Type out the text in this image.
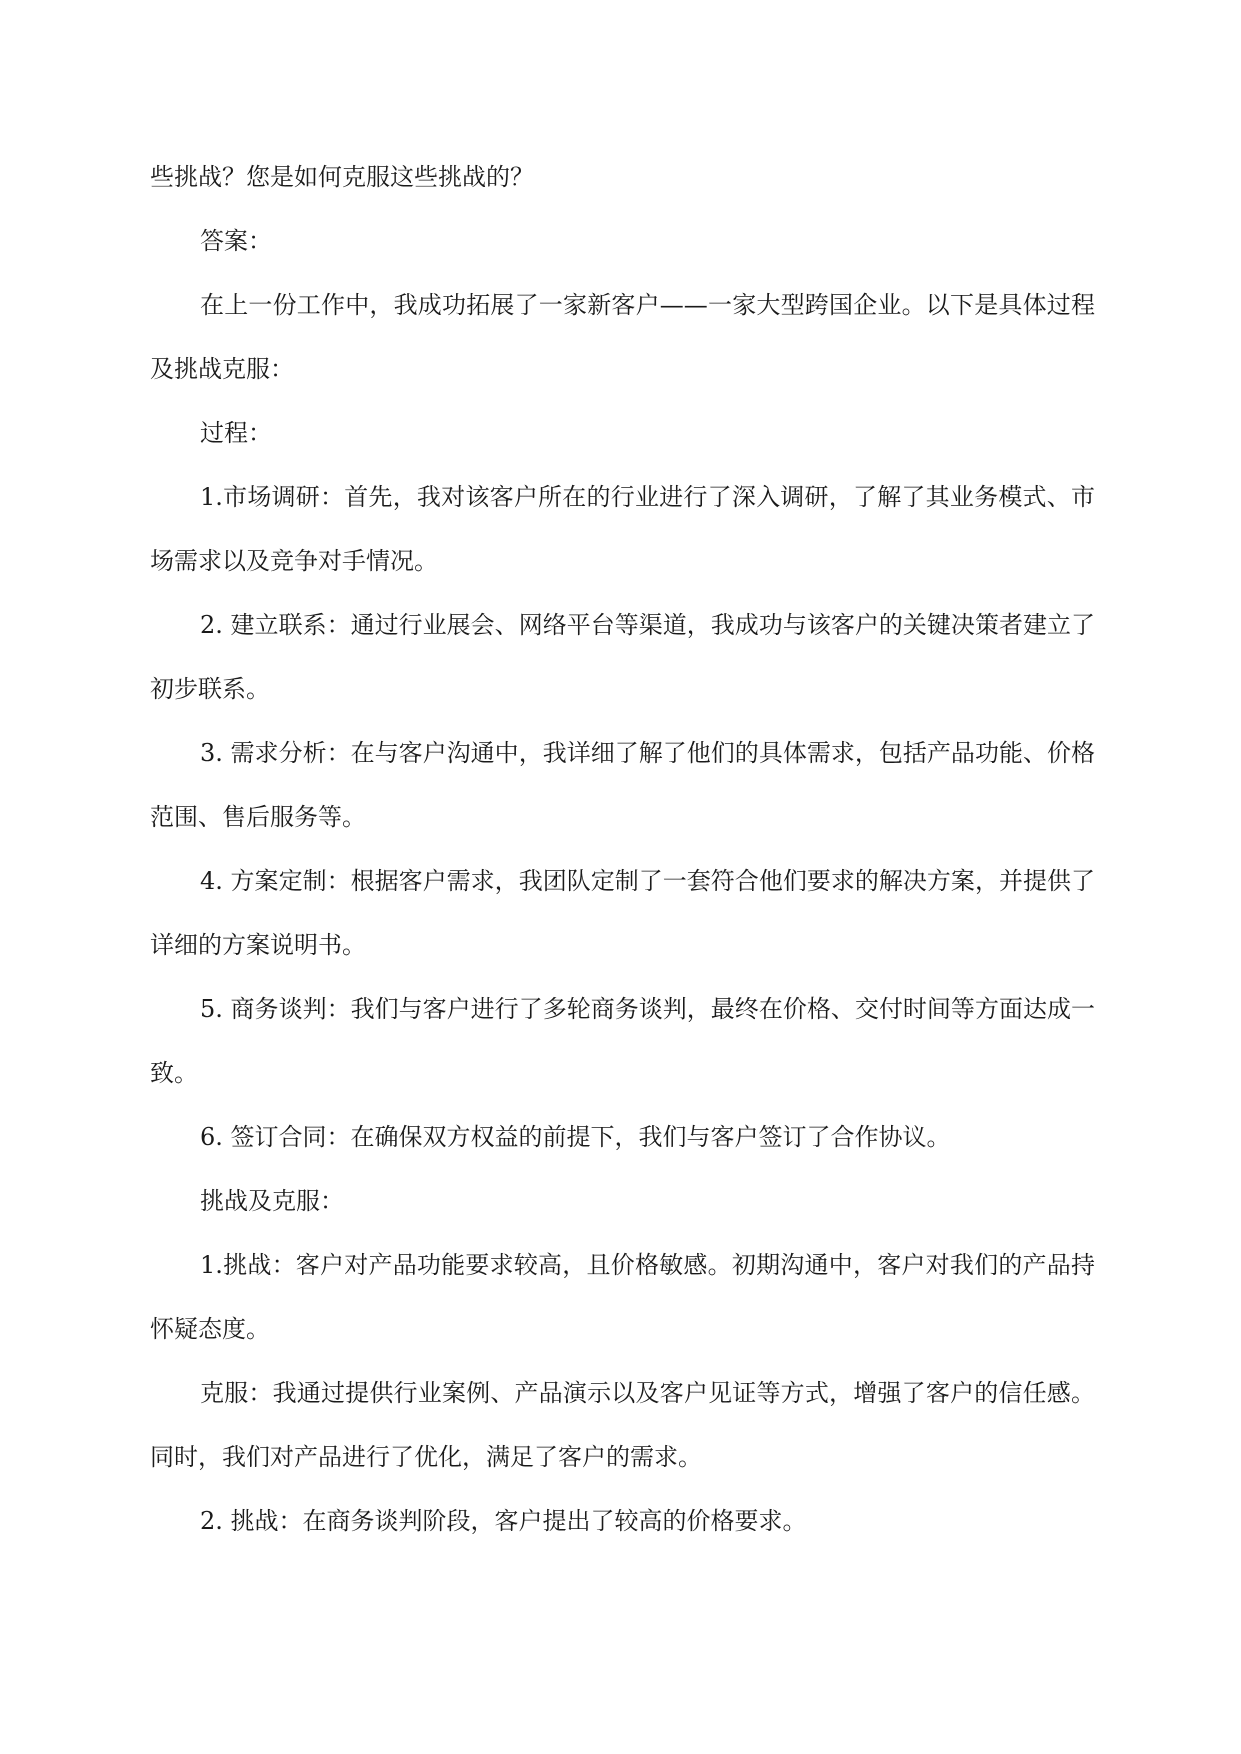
些挑战？您是如何克服这些挑战的？

答案：

在上一份工作中，我成功拓展了一家新客户——一家大型跨国企业。以下是具体过程及挑战克服：

过程：

1.市场调研：首先，我对该客户所在的行业进行了深入调研，了解了其业务模式、市场需求以及竞争对手情况。

2. 建立联系：通过行业展会、网络平台等渠道，我成功与该客户的关键决策者建立了初步联系。

3. 需求分析：在与客户沟通中，我详细了解了他们的具体需求，包括产品功能、价格范围、售后服务等。

4. 方案定制：根据客户需求，我团队定制了一套符合他们要求的解决方案，并提供了详细的方案说明书。

5. 商务谈判：我们与客户进行了多轮商务谈判，最终在价格、交付时间等方面达成一致。

6. 签订合同：在确保双方权益的前提下，我们与客户签订了合作协议。

挑战及克服：

1.挑战：客户对产品功能要求较高，且价格敏感。初期沟通中，客户对我们的产品持怀疑态度。

克服：我通过提供行业案例、产品演示以及客户见证等方式，增强了客户的信任感。同时，我们对产品进行了优化，满足了客户的需求。

2. 挑战：在商务谈判阶段，客户提出了较高的价格要求。
